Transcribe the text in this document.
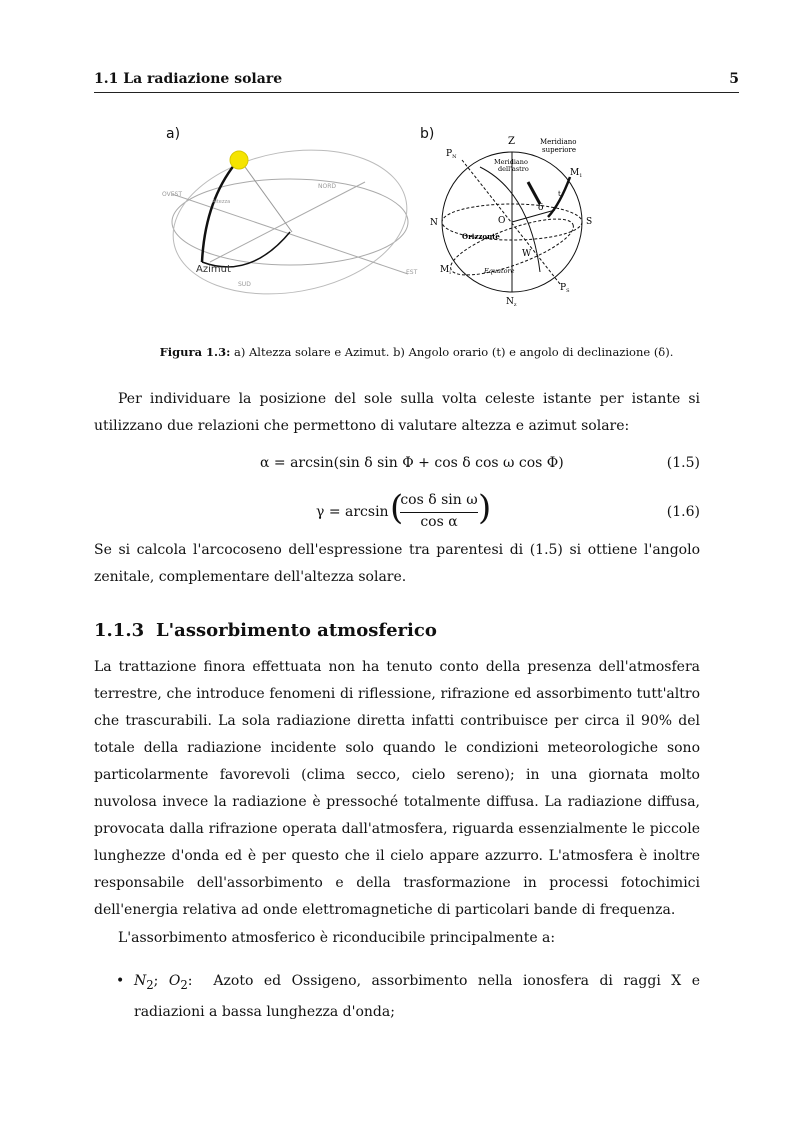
1.1 La radiazione solare	5
a)	b)
OVEST
Altezza
NORD
Azimut
SUD
EST
Z	Meridiano
superiore
$P_N$
Meridiano
dell'astro	$M_1$
t
δ
N	O	S
Orizzonte
W
$M_i$	Equatore
$P_S$
$N_z$
Figura 1.3: a) Altezza solare e Azimut. b) Angolo orario (t) e angolo di declinazione (δ).
Per individuare la posizione del sole sulla volta celeste istante per istante si utilizzano due relazioni che permettono di valutare altezza e azimut solare:
α = arcsin(sin δ sin Φ + cos δ cos ω cos Φ)	(1.5)
γ = arcsin (
cos δ sin ω
cos α )	(1.6)
Se si calcola l'arcocoseno dell'espressione tra parentesi di (1.5) si ottiene l'angolo zenitale, complementare dell'altezza solare.
1.1.3 L'assorbimento atmosferico
La trattazione finora effettuata non ha tenuto conto della presenza dell'atmosfera terrestre, che introduce fenomeni di riflessione, rifrazione ed assorbimento tutt'altro che trascurabili. La sola radiazione diretta infatti contribuisce per circa il 90% del totale della radiazione incidente solo quando le condizioni meteorologiche sono particolarmente favorevoli (clima secco, cielo sereno); in una giornata molto nuvolosa invece la radiazione è pressoché totalmente diffusa. La radiazione diffusa, provocata dalla rifrazione operata dall'atmosfera, riguarda essenzialmente le piccole lunghezze d'onda ed è per questo che il cielo appare azzurro. L'atmosfera è inoltre responsabile dell'assorbimento e della trasformazione in processi fotochimici dell'energia relativa ad onde elettromagnetiche di particolari bande di frequenza.
L'assorbimento atmosferico è riconducibile principalmente a:
• $N_2$; $O_2$: Azoto ed Ossigeno, assorbimento nella ionosfera di raggi X e radiazioni a bassa lunghezza d'onda;
